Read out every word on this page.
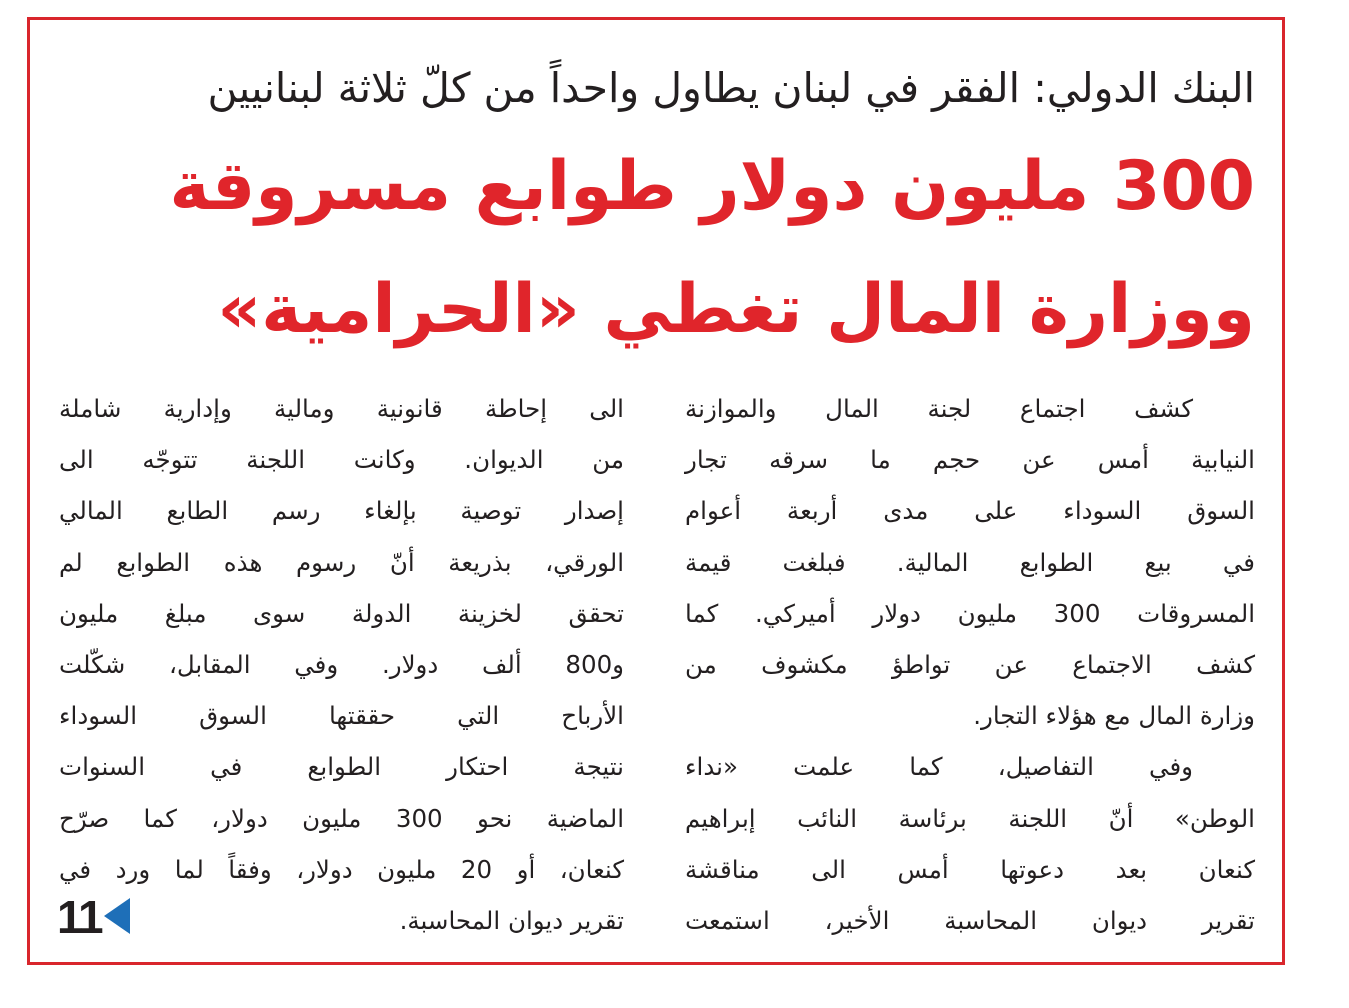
البنك الدولي: الفقر في لبنان يطاول واحداً من كلّ ثلاثة لبنانيين
300 مليون دولار طوابع مسروقة
ووزارة المال تغطي «الحرامية»
كشف اجتماع لجنة المال والموازنة
النيابية أمس عن حجم ما سرقه تجار
السوق السوداء على مدى أربعة أعوام
في بيع الطوابع المالية. فبلغت قيمة
المسروقات 300 مليون دولار أميركي. كما
كشف الاجتماع عن تواطؤ مكشوف من
وزارة المال مع هؤلاء التجار.
وفي التفاصيل، كما علمت «نداء
الوطن» أنّ اللجنة برئاسة النائب إبراهيم
كنعان بعد دعوتها أمس الى مناقشة
تقرير ديوان المحاسبة الأخير، استمعت
الى إحاطة قانونية ومالية وإدارية شاملة
من الديوان. وكانت اللجنة تتوجّه الى
إصدار توصية بإلغاء رسم الطابع المالي
الورقي، بذريعة أنّ رسوم هذه الطوابع لم
تحقق لخزينة الدولة سوى مبلغ مليون
و800 ألف دولار. وفي المقابل، شكّلت
الأرباح التي حققتها السوق السوداء
نتيجة احتكار الطوابع في السنوات
الماضية نحو 300 مليون دولار، كما صرّح
كنعان، أو 20 مليون دولار، وفقاً لما ورد في
تقرير ديوان المحاسبة.
11
